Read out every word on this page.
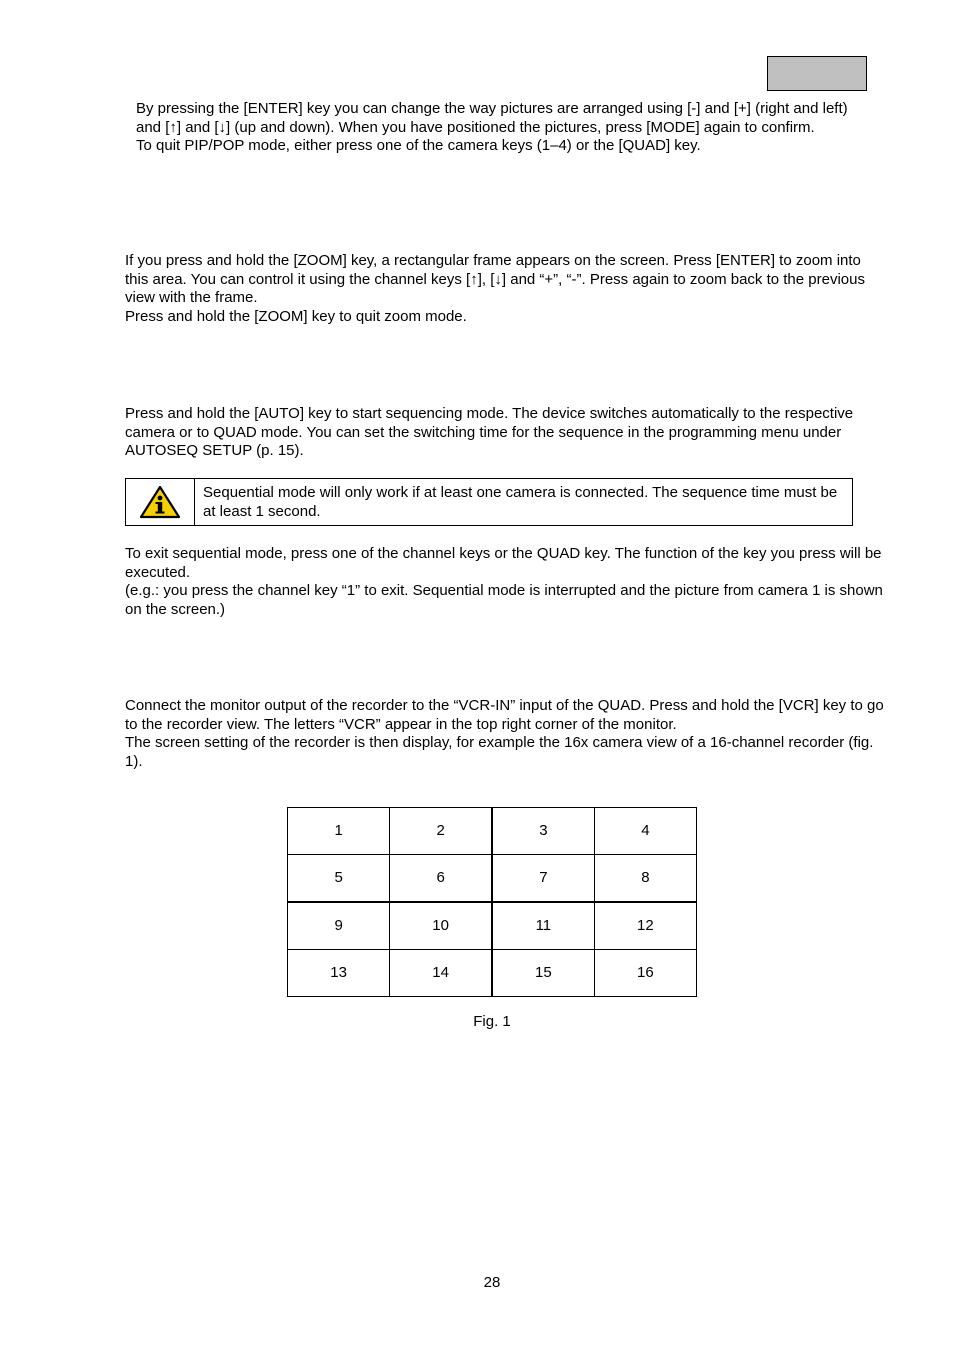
By pressing the [ENTER] key you can change the way pictures are arranged using [-] and [+] (right and left) and [↑] and [↓] (up and down). When you have positioned the pictures, press [MODE] again to confirm.

To quit PIP/POP mode, either press one of the camera keys (1–4) or the [QUAD] key.

If you press and hold the [ZOOM] key, a rectangular frame appears on the screen. Press [ENTER] to zoom into this area. You can control it using the channel keys [↑], [↓] and “+”, “-”. Press again to zoom back to the previous view with the frame.

Press and hold the [ZOOM] key to quit zoom mode.

Press and hold the [AUTO] key to start sequencing mode. The device switches automatically to the respective camera or to QUAD mode. You can set the switching time for the sequence in the programming menu under AUTOSEQ SETUP (p. 15).

Sequential mode will only work if at least one camera is connected. The sequence time must be at least 1 second.

To exit sequential mode, press one of the channel keys or the QUAD key. The function of the key you press will be executed.

(e.g.: you press the channel key “1” to exit. Sequential mode is interrupted and the picture from camera 1 is shown on the screen.)

Connect the monitor output of the recorder to the “VCR-IN” input of the QUAD. Press and hold the [VCR] key to go to the recorder view. The letters “VCR” appear in the top right corner of the monitor.

The screen setting of the recorder is then display, for example the 16x camera view of a 16-channel recorder (fig. 1).

1	2	3	4
5	6	7	8
9	10	11	12
13	14	15	16
Fig. 1
28
